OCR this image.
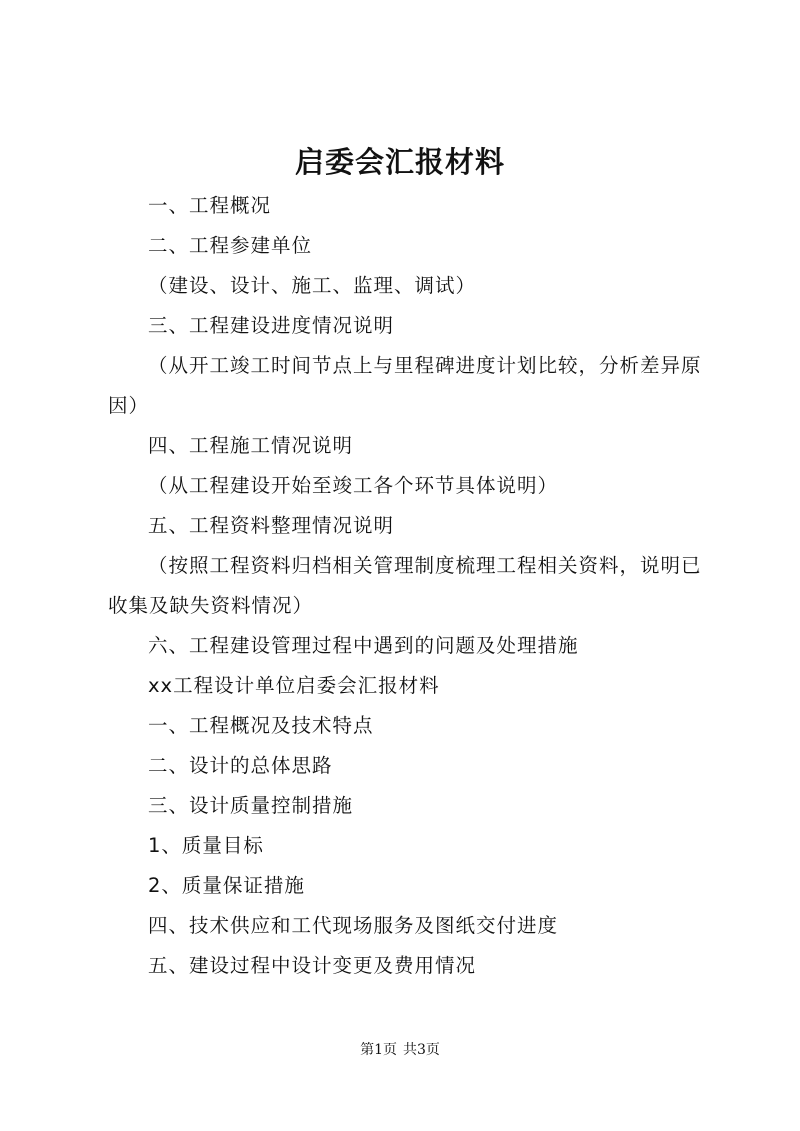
启委会汇报材料

一、工程概况

二、工程参建单位

（建设、设计、施工、监理、调试）

三、工程建设进度情况说明

（从开工竣工时间节点上与里程碑进度计划比较，分析差异原因）

四、工程施工情况说明

（从工程建设开始至竣工各个环节具体说明）

五、工程资料整理情况说明

（按照工程资料归档相关管理制度梳理工程相关资料，说明已收集及缺失资料情况）

六、工程建设管理过程中遇到的问题及处理措施

xx工程设计单位启委会汇报材料

一、工程概况及技术特点

二、设计的总体思路

三、设计质量控制措施

1、质量目标

2、质量保证措施

四、技术供应和工代现场服务及图纸交付进度

五、建设过程中设计变更及费用情况

第1页 共3页
